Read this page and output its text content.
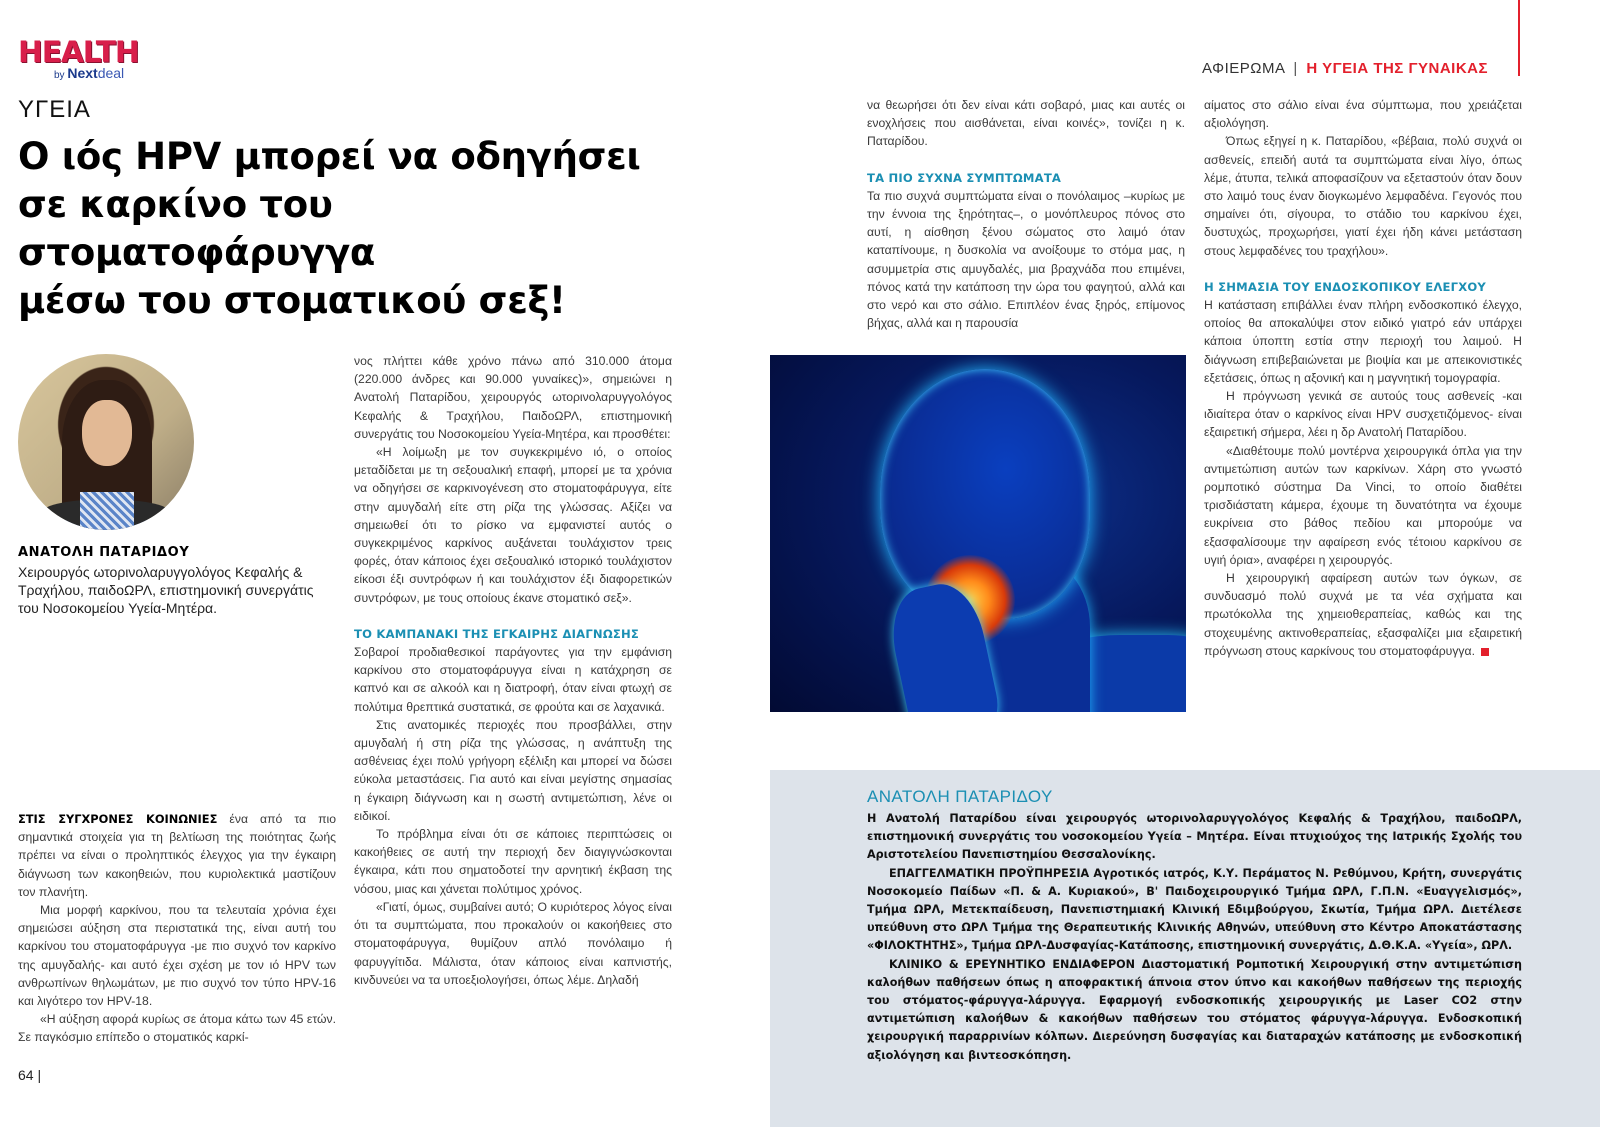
HEALTH
by Nextdeal	ΑΦΙΕΡΩΜΑ | Η ΥΓΕΙΑ ΤΗΣ ΓΥΝΑΙΚΑΣ
ΥΓΕΙΑ
Ο ιός HPV μπορεί να οδηγήσει
σε καρκίνο του στοματοφάρυγγα
μέσω του στοματικού σεξ!
ΑΝΑΤΟΛΗ ΠΑΤΑΡΙΔΟΥ
Χειρουργός ωτορινολαρυγγολόγος Κεφαλής & Τραχήλου, παιδοΩΡΛ, επιστημονική συνεργάτις του Νοσοκομείου Υγεία-Μητέρα.

ΣΤΙΣ ΣΥΓΧΡΟΝΕΣ ΚΟΙΝΩΝΙΕΣ ένα από τα πιο σημαντικά στοιχεία για τη βελτίωση της ποιότητας ζωής πρέπει να είναι ο προληπτικός έλεγχος για την έγκαιρη διάγνωση των κακοηθειών, που κυριολεκτικά μαστίζουν τον πλανήτη.

Μια μορφή καρκίνου, που τα τελευταία χρόνια έχει σημειώσει αύξηση στα περιστατικά της, είναι αυτή του καρκίνου του στοματοφάρυγγα -με πιο συχνό τον καρκίνο της αμυγδαλής- και αυτό έχει σχέση με τον ιό HPV των ανθρωπίνων θηλωμάτων, με πιο συχνό τον τύπο HPV-16 και λιγότερο τον HPV-18.

«Η αύξηση αφορά κυρίως σε άτομα κάτω των 45 ετών. Σε παγκόσμιο επίπεδο ο στοματικός καρκί-

νος πλήττει κάθε χρόνο πάνω από 310.000 άτομα (220.000 άνδρες και 90.000 γυναίκες)», σημειώνει η Ανατολή Παταρίδου, χειρουργός ωτορινολαρυγγολόγος Κεφαλής & Τραχήλου, ΠαιδοΩΡΛ, επιστημονική συνεργάτις του Νοσοκομείου Υγεία-Μητέρα, και προσθέτει:

«Η λοίμωξη με τον συγκεκριμένο ιό, ο οποίος μεταδίδεται με τη σεξουαλική επαφή, μπορεί με τα χρόνια να οδηγήσει σε καρκινογένεση στο στοματοφάρυγγα, είτε στην αμυγδαλή είτε στη ρίζα της γλώσσας. Αξίζει να σημειωθεί ότι το ρίσκο να εμφανιστεί αυτός ο συγκεκριμένος καρκίνος αυξάνεται τουλάχιστον τρεις φορές, όταν κάποιος έχει σεξουαλικό ιστορικό τουλάχιστον είκοσι έξι συντρόφων ή και τουλάχιστον έξι διαφορετικών συντρόφων, με τους οποίους έκανε στοματικό σεξ».

ΤΟ ΚΑΜΠΑΝΑΚΙ ΤΗΣ ΕΓΚΑΙΡΗΣ ΔΙΑΓΝΩΣΗΣ

Σοβαροί προδιαθεσικοί παράγοντες για την εμφάνιση καρκίνου στο στοματοφάρυγγα είναι η κατάχρηση σε καπνό και σε αλκοόλ και η διατροφή, όταν είναι φτωχή σε πολύτιμα θρεπτικά συστατικά, σε φρούτα και σε λαχανικά.

Στις ανατομικές περιοχές που προσβάλλει, στην αμυγδαλή ή στη ρίζα της γλώσσας, η ανάπτυξη της ασθένειας έχει πολύ γρήγορη εξέλιξη και μπορεί να δώσει εύκολα μεταστάσεις. Για αυτό και είναι μεγίστης σημασίας η έγκαιρη διάγνωση και η σωστή αντιμετώπιση, λένε οι ειδικοί.

Το πρόβλημα είναι ότι σε κάποιες περιπτώσεις οι κακοήθειες σε αυτή την περιοχή δεν διαγιγνώσκονται έγκαιρα, κάτι που σηματοδοτεί την αρνητική έκβαση της νόσου, μιας και χάνεται πολύτιμος χρόνος.

«Γιατί, όμως, συμβαίνει αυτό; Ο κυριότερος λόγος είναι ότι τα συμπτώματα, που προκαλούν οι κακοήθειες στο στοματοφάρυγγα, θυμίζουν απλό πονόλαιμο ή φαρυγγίτιδα. Μάλιστα, όταν κάποιος είναι καπνιστής, κινδυνεύει να τα υποεξιολογήσει, όπως λέμε. Δηλαδή

να θεωρήσει ότι δεν είναι κάτι σοβαρό, μιας και αυτές οι ενοχλήσεις που αισθάνεται, είναι κοινές», τονίζει η κ. Παταρίδου.

ΤΑ ΠΙΟ ΣΥΧΝΑ ΣΥΜΠΤΩΜΑΤΑ

Τα πιο συχνά συμπτώματα είναι ο πονόλαιμος –κυρίως με την έννοια της ξηρότητας–, ο μονόπλευρος πόνος στο αυτί, η αίσθηση ξένου σώματος στο λαιμό όταν καταπίνουμε, η δυσκολία να ανοίξουμε το στόμα μας, η ασυμμετρία στις αμυγδαλές, μια βραχνάδα που επιμένει, πόνος κατά την κατάποση την ώρα του φαγητού, αλλά και στο νερό και στο σάλιο. Επιπλέον ένας ξηρός, επίμονος βήχας, αλλά και η παρουσία

αίματος στο σάλιο είναι ένα σύμπτωμα, που χρειάζεται αξιολόγηση.

Όπως εξηγεί η κ. Παταρίδου, «βέβαια, πολύ συχνά οι ασθενείς, επειδή αυτά τα συμπτώματα είναι λίγο, όπως λέμε, άτυπα, τελικά αποφασίζουν να εξεταστούν όταν δουν στο λαιμό τους έναν διογκωμένο λεμφαδένα. Γεγονός που σημαίνει ότι, σίγουρα, το στάδιο του καρκίνου έχει, δυστυχώς, προχωρήσει, γιατί έχει ήδη κάνει μετάσταση στους λεμφαδένες του τραχήλου».

Η ΣΗΜΑΣΙΑ ΤΟΥ ΕΝΔΟΣΚΟΠΙΚΟΥ ΕΛΕΓΧΟΥ

Η κατάσταση επιβάλλει έναν πλήρη ενδοσκοπικό έλεγχο, οποίος θα αποκαλύψει στον ειδικό γιατρό εάν υπάρχει κάποια ύποπτη εστία στην περιοχή του λαιμού. Η διάγνωση επιβεβαιώνεται με βιοψία και με απεικονιστικές εξετάσεις, όπως η αξονική και η μαγνητική τομογραφία.

Η πρόγνωση γενικά σε αυτούς τους ασθενείς -και ιδιαίτερα όταν ο καρκίνος είναι HPV συσχετιζόμενος- είναι εξαιρετική σήμερα, λέει η δρ Ανατολή Παταρίδου.

«Διαθέτουμε πολύ μοντέρνα χειρουργικά όπλα για την αντιμετώπιση αυτών των καρκίνων. Χάρη στο γνωστό ρομποτικό σύστημα Da Vinci, το οποίο διαθέτει τρισδιάστατη κάμερα, έχουμε τη δυνατότητα να έχουμε ευκρίνεια στο βάθος πεδίου και μπορούμε να εξασφαλίσουμε την αφαίρεση ενός τέτοιου καρκίνου σε υγιή όρια», αναφέρει η χειρουργός.

Η χειρουργική αφαίρεση αυτών των όγκων, σε συνδυασμό πολύ συχνά με τα νέα σχήματα και πρωτόκολλα της χημειοθεραπείας, καθώς και της στοχευμένης ακτινοθεραπείας, εξασφαλίζει μια εξαιρετική πρόγνωση στους καρκίνους του στοματοφάρυγγα.

ΑΝΑΤΟΛΗ ΠΑΤΑΡΙΔΟΥ

Η Ανατολή Παταρίδου είναι χειρουργός ωτορινολαρυγγολόγος Κεφαλής & Τραχήλου, παιδοΩΡΛ, επιστημονική συνεργάτις του νοσοκομείου Υγεία – Μητέρα. Είναι πτυχιούχος της Ιατρικής Σχολής του Αριστοτελείου Πανεπιστημίου Θεσσαλονίκης.

ΕΠΑΓΓΕΛΜΑΤΙΚΗ ΠΡΟΫΠΗΡΕΣΙΑ Αγροτικός ιατρός, Κ.Υ. Περάματος Ν. Ρεθύμνου, Κρήτη, συνεργάτις Νοσοκομείο Παίδων «Π. & Α. Κυριακού», Β' Παιδοχειρουργικό Τμήμα ΩΡΛ, Γ.Π.Ν. «Ευαγγελισμός», Τμήμα ΩΡΛ, Μετεκπαίδευση, Πανεπιστημιακή Κλινική Εδιμβούργου, Σκωτία, Τμήμα ΩΡΛ. Διετέλεσε υπεύθυνη στο ΩΡΛ Τμήμα της Θεραπευτικής Κλινικής Αθηνών, υπεύθυνη στο Κέντρο Αποκατάστασης «ΦΙΛΟΚΤΗΤΗΣ», Τμήμα ΩΡΛ-Δυσφαγίας-Κατάποσης, επιστημονική συνεργάτις, Δ.Θ.Κ.Α. «Υγεία», ΩΡΛ.

ΚΛΙΝΙΚΟ & ΕΡΕΥΝΗΤΙΚΟ ΕΝΔΙΑΦΕΡΟΝ Διαστοματική Ρομποτική Χειρουργική στην αντιμετώπιση καλοήθων παθήσεων όπως η αποφρακτική άπνοια στον ύπνο και κακοήθων παθήσεων της περιοχής του στόματος-φάρυγγα-λάρυγγα. Εφαρμογή ενδοσκοπικής χειρουργικής με Laser CO2 στην αντιμετώπιση καλοήθων & κακοήθων παθήσεων του στόματος φάρυγγα-λάρυγγα. Ενδοσκοπική χειρουργική παραρρινίων κόλπων. Διερεύνηση δυσφαγίας και διαταραχών κατάποσης με ενδοσκοπική αξιολόγηση και βιντεοσκόπηση.

64 |
